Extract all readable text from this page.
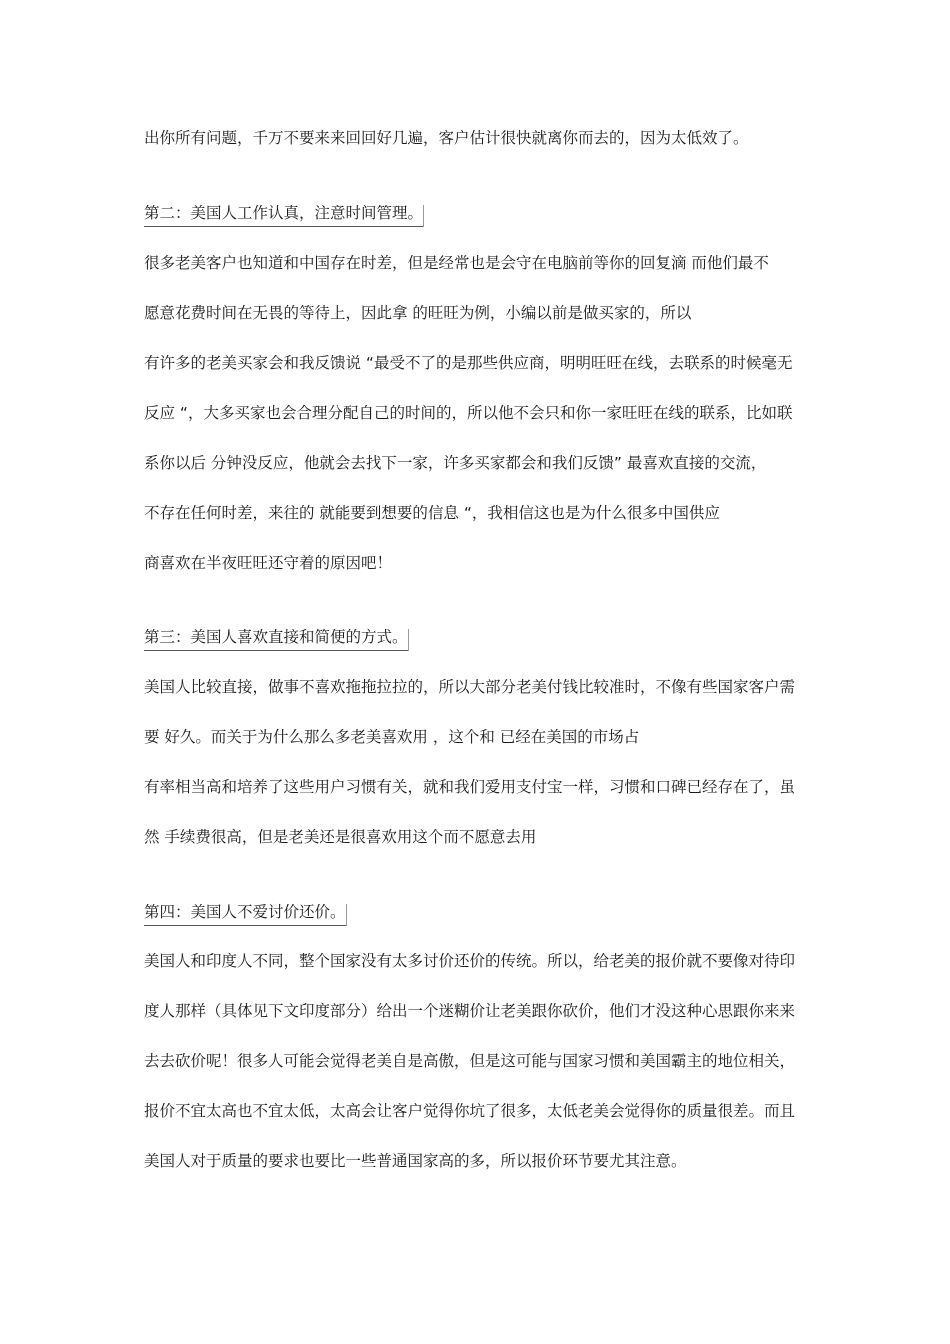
出你所有问题，千万不要来来回回好几遍，客户估计很快就离你而去的，因为太低效了。
第二：美国人工作认真，注意时间管理。
很多老美客户也知道和中国存在时差，但是经常也是会守在电脑前等你的回复滴 而他们最不
愿意花费时间在无畏的等待上，因此拿 的旺旺为例，小编以前是做买家的，所以
有许多的老美买家会和我反馈说 “最受不了的是那些供应商，明明旺旺在线，去联系的时候毫无
反应 “，大多买家也会合理分配自己的时间的，所以他不会只和你一家旺旺在线的联系，比如联
系你以后 分钟没反应，他就会去找下一家，许多买家都会和我们反馈” 最喜欢直接的交流，
不存在任何时差，来往的 就能要到想要的信息 “，我相信这也是为什么很多中国供应
商喜欢在半夜旺旺还守着的原因吧！
第三：美国人喜欢直接和简便的方式。
美国人比较直接，做事不喜欢拖拖拉拉的，所以大部分老美付钱比较准时，不像有些国家客户需
要 好久。而关于为什么那么多老美喜欢用 ，这个和 已经在美国的市场占
有率相当高和培养了这些用户习惯有关，就和我们爱用支付宝一样，习惯和口碑已经存在了，虽
然 手续费很高，但是老美还是很喜欢用这个而不愿意去用
第四：美国人不爱讨价还价。
美国人和印度人不同，整个国家没有太多讨价还价的传统。所以，给老美的报价就不要像对待印
度人那样（具体见下文印度部分）给出一个迷糊价让老美跟你砍价，他们才没这种心思跟你来来
去去砍价呢！很多人可能会觉得老美自是高傲，但是这可能与国家习惯和美国霸主的地位相关，
报价不宜太高也不宜太低，太高会让客户觉得你坑了很多，太低老美会觉得你的质量很差。而且
美国人对于质量的要求也要比一些普通国家高的多，所以报价环节要尤其注意。
